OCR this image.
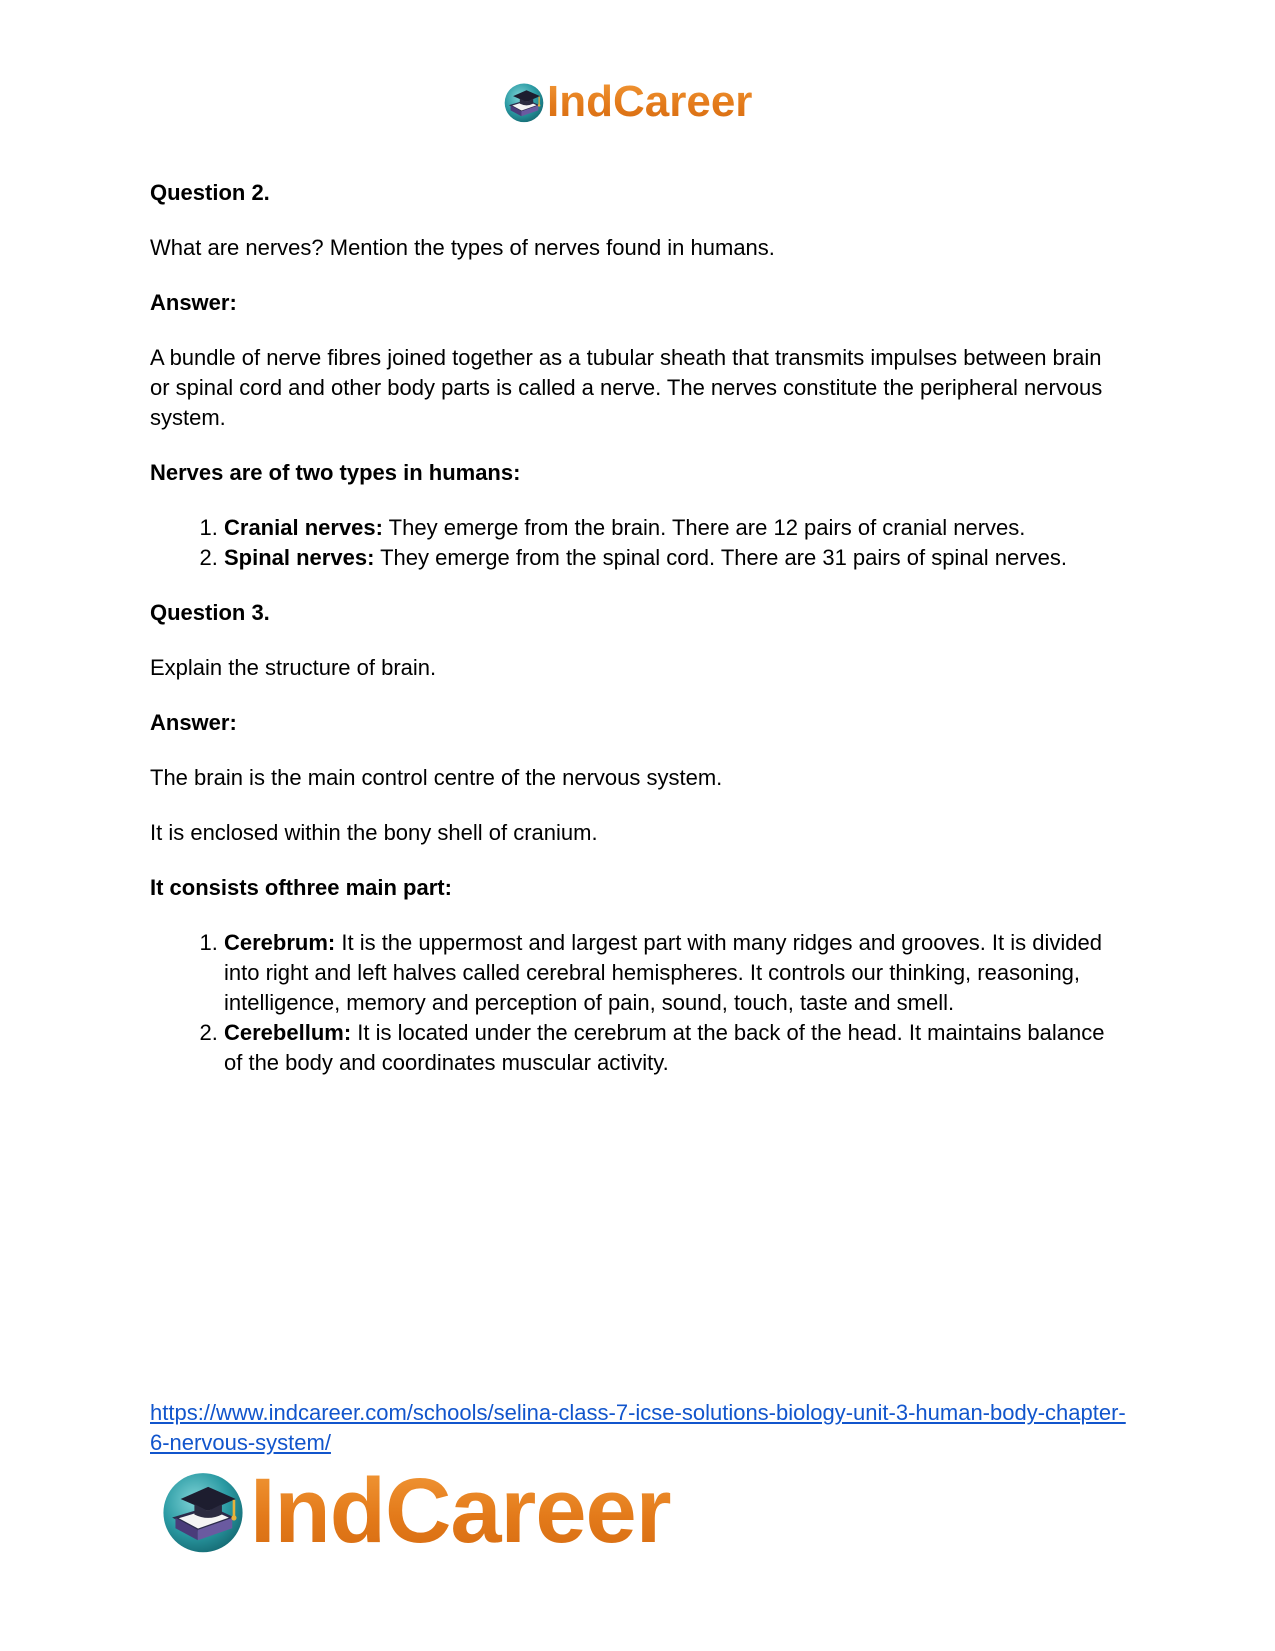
IndCareer

Question 2.

What are nerves? Mention the types of nerves found in humans.

Answer:

A bundle of nerve fibres joined together as a tubular sheath that transmits impulses between brain or spinal cord and other body parts is called a nerve. The nerves constitute the peripheral nervous system.

Nerves are of two types in humans:

1. Cranial nerves: They emerge from the brain. There are 12 pairs of cranial nerves.
2. Spinal nerves: They emerge from the spinal cord. There are 31 pairs of spinal nerves.

Question 3.

Explain the structure of brain.

Answer:

The brain is the main control centre of the nervous system.

It is enclosed within the bony shell of cranium.

It consists ofthree main part:

1. Cerebrum: It is the uppermost and largest part with many ridges and grooves. It is divided into right and left halves called cerebral hemispheres. It controls our thinking, reasoning, intelligence, memory and perception of pain, sound, touch, taste and smell.
2. Cerebellum: It is located under the cerebrum at the back of the head. It maintains balance of the body and coordinates muscular activity.
https://www.indcareer.com/schools/selina-class-7-icse-solutions-biology-unit-3-human-body-chapter-6-nervous-system/
IndCareer
